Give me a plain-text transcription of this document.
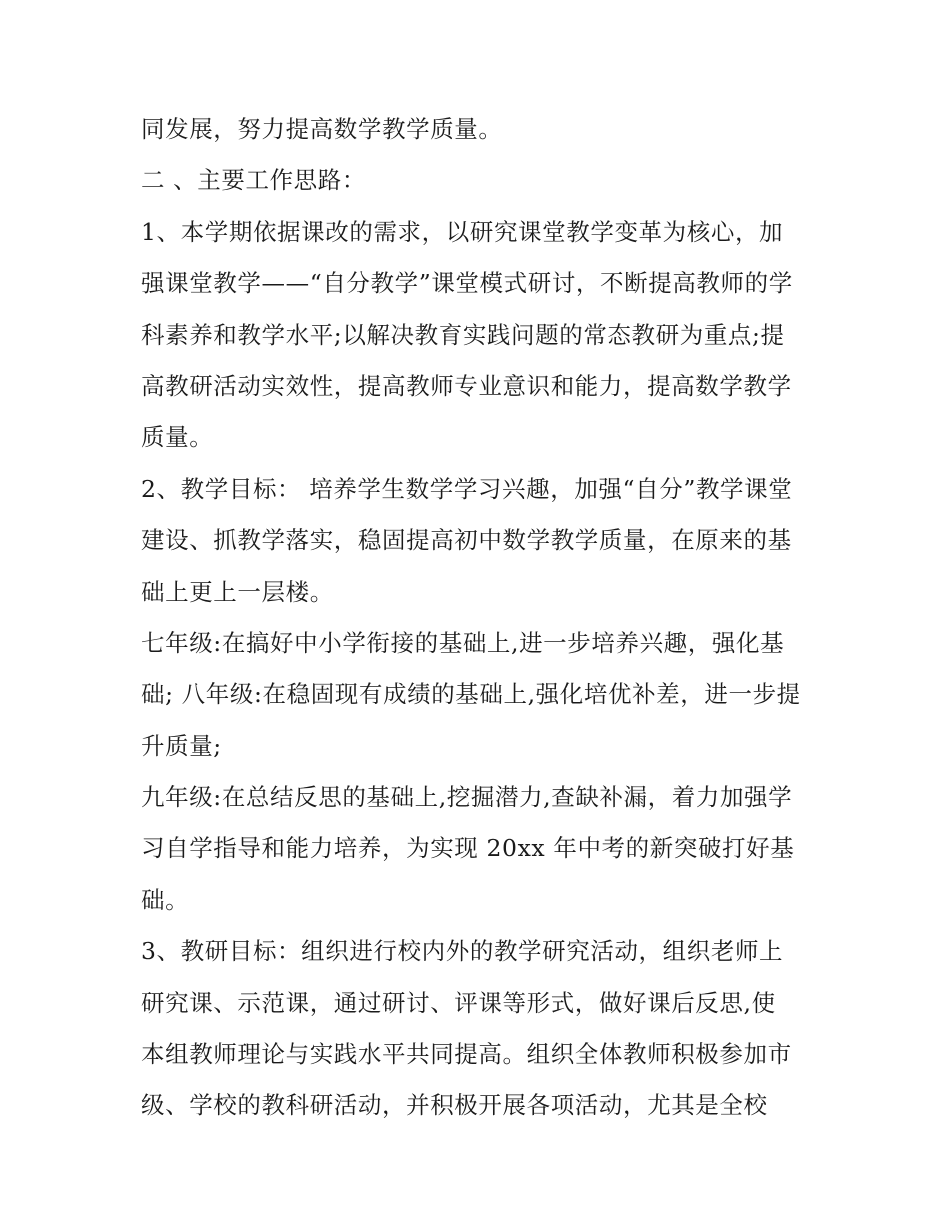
同发展，努力提高数学教学质量。
二 、主要工作思路：
1、本学期依据课改的需求，以研究课堂教学变革为核心，加
强课堂教学——“自分教学”课堂模式研讨，不断提高教师的学
科素养和教学水平;以解决教育实践问题的常态教研为重点;提
高教研活动实效性，提高教师专业意识和能力，提高数学教学
质量。
2、教学目标： 培养学生数学学习兴趣，加强“自分”教学课堂
建设、抓教学落实，稳固提高初中数学教学质量，在原来的基
础上更上一层楼。
七年级:在搞好中小学衔接的基础上,进一步培养兴趣，强化基
础; 八年级:在稳固现有成绩的基础上,强化培优补差，进一步提
升质量;
九年级:在总结反思的基础上,挖掘潜力,查缺补漏，着力加强学
习自学指导和能力培养，为实现 20xx 年中考的新突破打好基
础。
3、教研目标：组织进行校内外的教学研究活动，组织老师上
研究课、示范课，通过研讨、评课等形式，做好课后反思,使
本组教师理论与实践水平共同提高。组织全体教师积极参加市
级、学校的教科研活动，并积极开展各项活动，尤其是全校
